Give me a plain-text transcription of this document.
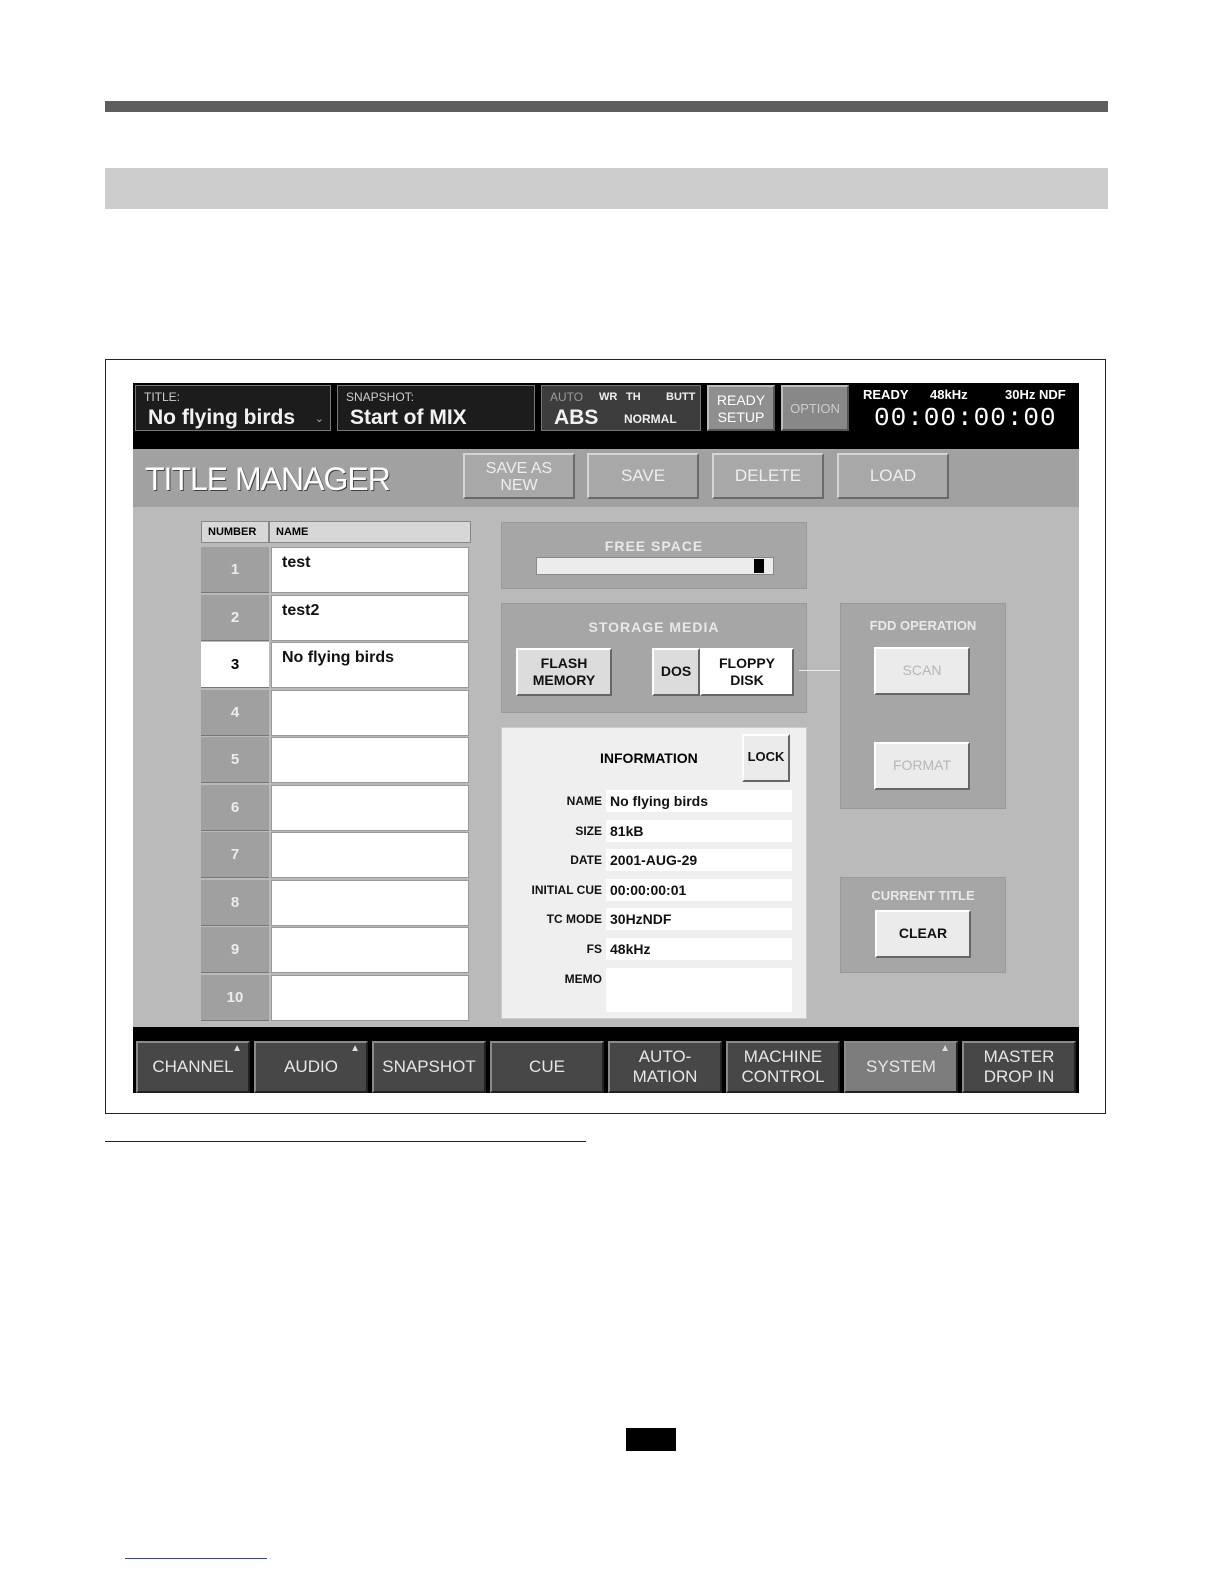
TITLE:
No flying birds ⌄
SNAPSHOT:
Start of MIX
AUTO WR TH BUTT
ABS NORMAL
READY
SETUP
OPTION
READY 48kHz	30Hz NDF
00:00:00:00
TITLE MANAGER	SAVE AS
NEW
SAVE	DELETE	LOAD
NUMBER	NAME
1	test
2	test2
3	No flying birds
4
5
6
7
8
9
10
FREE SPACE
STORAGE MEDIA
FLASH
MEMORY
DOS	FLOPPY
DISK
FDD OPERATION
SCAN
FORMAT
INFORMATION	LOCK
NAME No flying birds
SIZE 81kB
DATE 2001-AUG-29
INITIAL CUE 00:00:00:01
TC MODE 30HzNDF
FS 48kHz
MEMO
CURRENT TITLE
CLEAR
CHANNEL
▲
AUDIO
▲
SNAPSHOT	CUE
AUTO-
MATION
MACHINE
CONTROL
SYSTEM
▲	MASTER
DROP IN
